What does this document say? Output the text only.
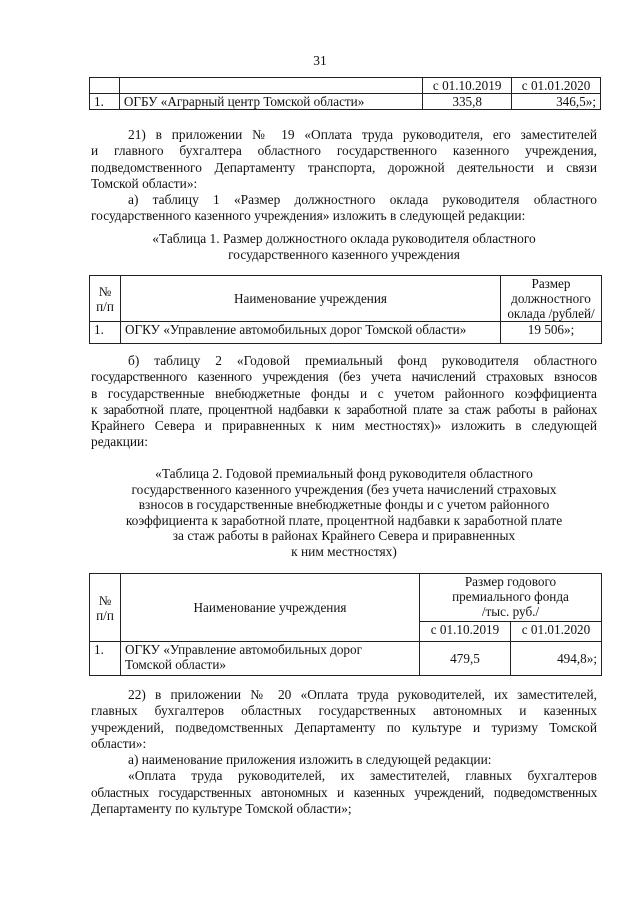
31
		с 01.10.2019	с 01.01.2020
1.	ОГБУ «Аграрный центр Томской области»	335,8	346,5»;
21) в приложении № 19 «Оплата труда руководителя, его заместителей
и главного бухгалтера областного государственного казенного учреждения,
подведомственного Департаменту транспорта, дорожной деятельности и связи
Томской области»:
а) таблицу 1 «Размер должностного оклада руководителя областного
государственного казенного учреждения» изложить в следующей редакции:
«Таблица 1. Размер должностного оклада руководителя областного
государственного казенного учреждения
№
п/п	Наименование учреждения	Размер
должностного
оклада /рублей/
1.	ОГКУ «Управление автомобильных дорог Томской области»	19 506»;
б) таблицу 2 «Годовой премиальный фонд руководителя областного
государственного казенного учреждения (без учета начислений страховых взносов
в государственные внебюджетные фонды и с учетом районного коэффициента
к заработной плате, процентной надбавки к заработной плате за стаж работы в районах
Крайнего Севера и приравненных к ним местностях)» изложить в следующей
редакции:
«Таблица 2. Годовой премиальный фонд руководителя областного
государственного казенного учреждения (без учета начислений страховых
взносов в государственные внебюджетные фонды и с учетом районного
коэффициента к заработной плате, процентной надбавки к заработной плате
за стаж работы в районах Крайнего Севера и приравненных
к ним местностях)
№
п/п	Наименование учреждения	Размер годового
премиального фонда
/тыс. руб./	
		с 01.10.2019	с 01.01.2020
1.	ОГКУ «Управление автомобильных дорог Томской области»	479,5	494,8»;
22) в приложении № 20 «Оплата труда руководителей, их заместителей,
главных бухгалтеров областных государственных автономных и казенных
учреждений, подведомственных Департаменту по культуре и туризму Томской
области»:
а) наименование приложения изложить в следующей редакции:
«Оплата труда руководителей, их заместителей, главных бухгалтеров
областных государственных автономных и казенных учреждений, подведомственных
Департаменту по культуре Томской области»;
